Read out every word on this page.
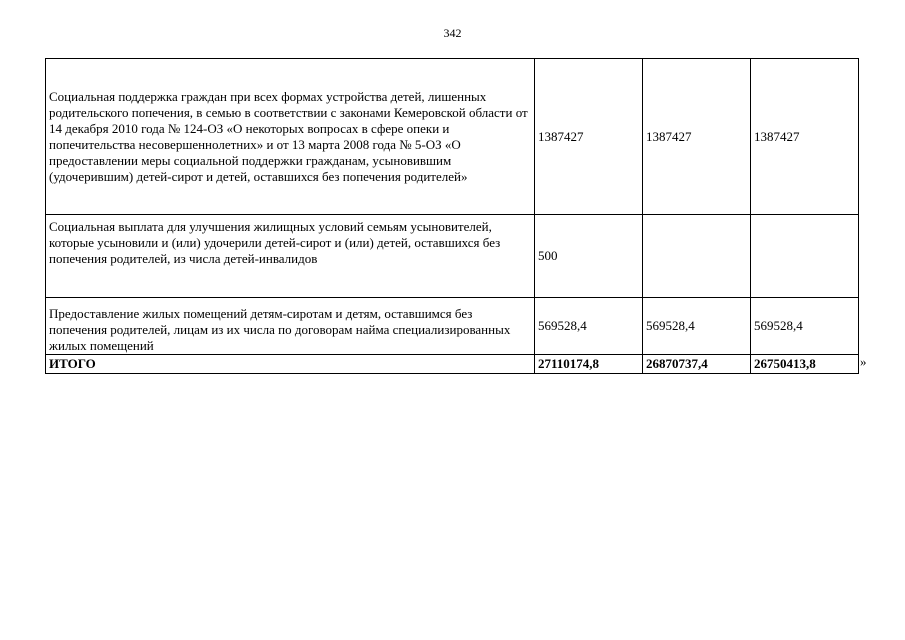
342
Социальная поддержка граждан при всех формах устройства детей, лишенных родительского попечения, в семью в соответствии с законами Кемеровской области от 14 декабря 2010 года № 124-ОЗ «О некоторых вопросах в сфере опеки и попечительства несовершеннолетних» и от 13 марта 2008 года № 5-ОЗ «О предоставлении меры социальной поддержки гражданам, усыновившим (удочерившим) детей-сирот и детей, оставшихся без попечения родителей»	1387427	1387427	1387427
Социальная выплата для улучшения жилищных условий семьям усыновителей, которые усыновили и (или) удочерили детей-сирот и (или) детей, оставшихся без попечения родителей, из числа детей-инвалидов	500		
Предоставление жилых помещений детям-сиротам и детям, оставшимся без попечения родителей, лицам из их числа по договорам найма специализированных жилых помещений	569528,4	569528,4	569528,4
ИТОГО	27110174,8	26870737,4	26750413,8	»
